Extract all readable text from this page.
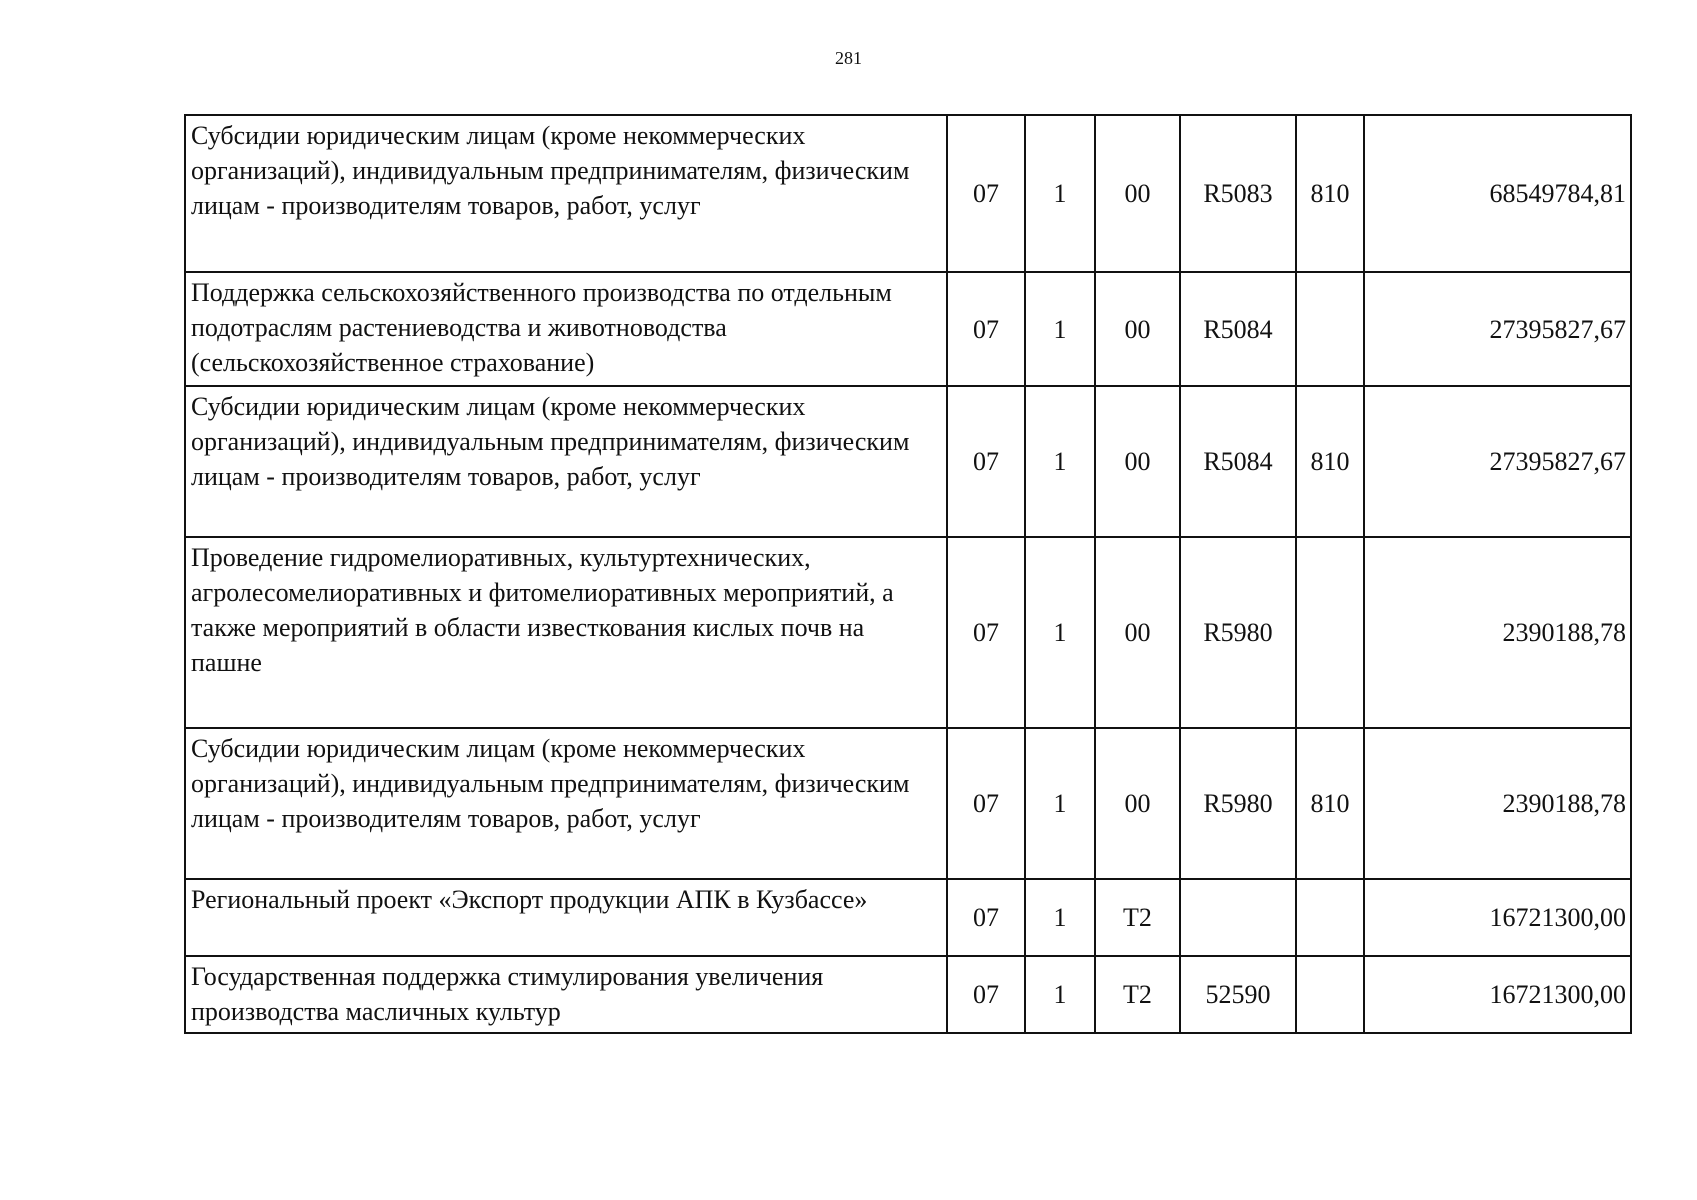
281
Субсидии юридическим лицам (кроме некоммерческих организаций), индивидуальным предпринимателям, физическим лицам - производителям товаров, работ, услуг	07	1	00	R5083	810	68549784,81
Поддержка сельскохозяйственного производства по отдельным подотраслям растениеводства и животноводства (сельскохозяйственное страхование)	07	1	00	R5084		27395827,67
Субсидии юридическим лицам (кроме некоммерческих организаций), индивидуальным предпринимателям, физическим лицам - производителям товаров, работ, услуг	07	1	00	R5084	810	27395827,67
Проведение гидромелиоративных, культуртехнических, агролесомелиоративных и фитомелиоративных мероприятий, а также мероприятий в области известкования кислых почв на пашне	07	1	00	R5980		2390188,78
Субсидии юридическим лицам (кроме некоммерческих организаций), индивидуальным предпринимателям, физическим лицам - производителям товаров, работ, услуг	07	1	00	R5980	810	2390188,78
Региональный проект «Экспорт продукции АПК в Кузбассе»	07	1	Т2			16721300,00
Государственная поддержка стимулирования увеличения производства масличных культур	07	1	Т2	52590		16721300,00
